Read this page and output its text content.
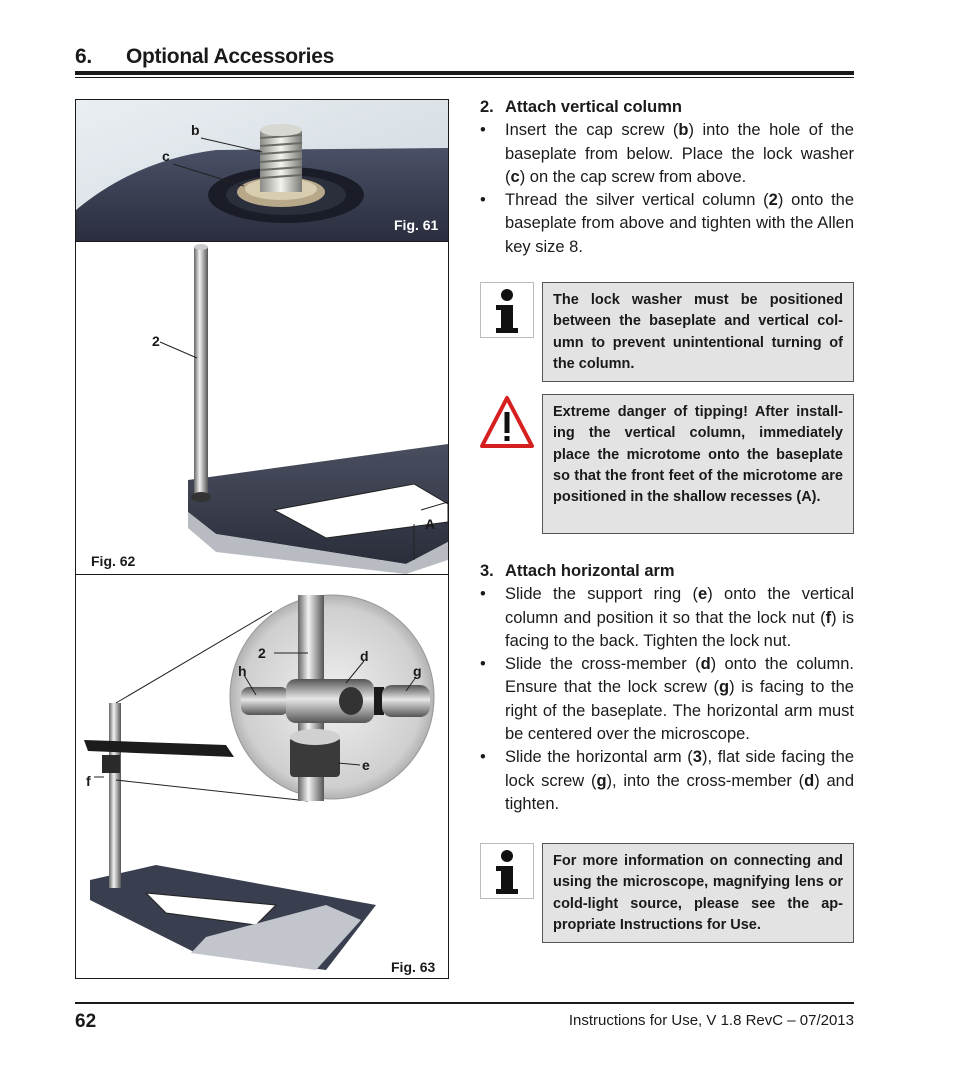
6. Optional Accessories
b
c
Fig. 61
2
A
Fig. 62
2
h
d
g
e
f
Fig. 63
2. Attach vertical column
• Insert the cap screw (b) into the hole of the baseplate from below. Place the lock washer (c) on the cap screw from above.
• Thread the silver vertical column (2) onto the baseplate from above and tighten with the Allen key size 8.
The lock washer must be positioned between the baseplate and vertical col-umn to prevent unintentional turning of the column.
Extreme danger of tipping! After install-ing the vertical column, immediately place the microtome onto the baseplate so that the front feet of the microtome are positioned in the shallow recesses (A).
3. Attach horizontal arm
• Slide the support ring (e) onto the vertical column and position it so that the lock nut (f) is facing to the back. Tighten the lock nut.
• Slide the cross-member (d) onto the column. Ensure that the lock screw (g) is facing to the right of the baseplate. The horizontal arm must be centered over the microscope.
• Slide the horizontal arm (3), flat side facing the lock screw (g), into the cross-member (d) and tighten.
For more information on connecting and using the microscope, magnifying lens or cold-light source, please see the ap-propriate Instructions for Use.
62	Instructions for Use, V 1.8 RevC – 07/2013
